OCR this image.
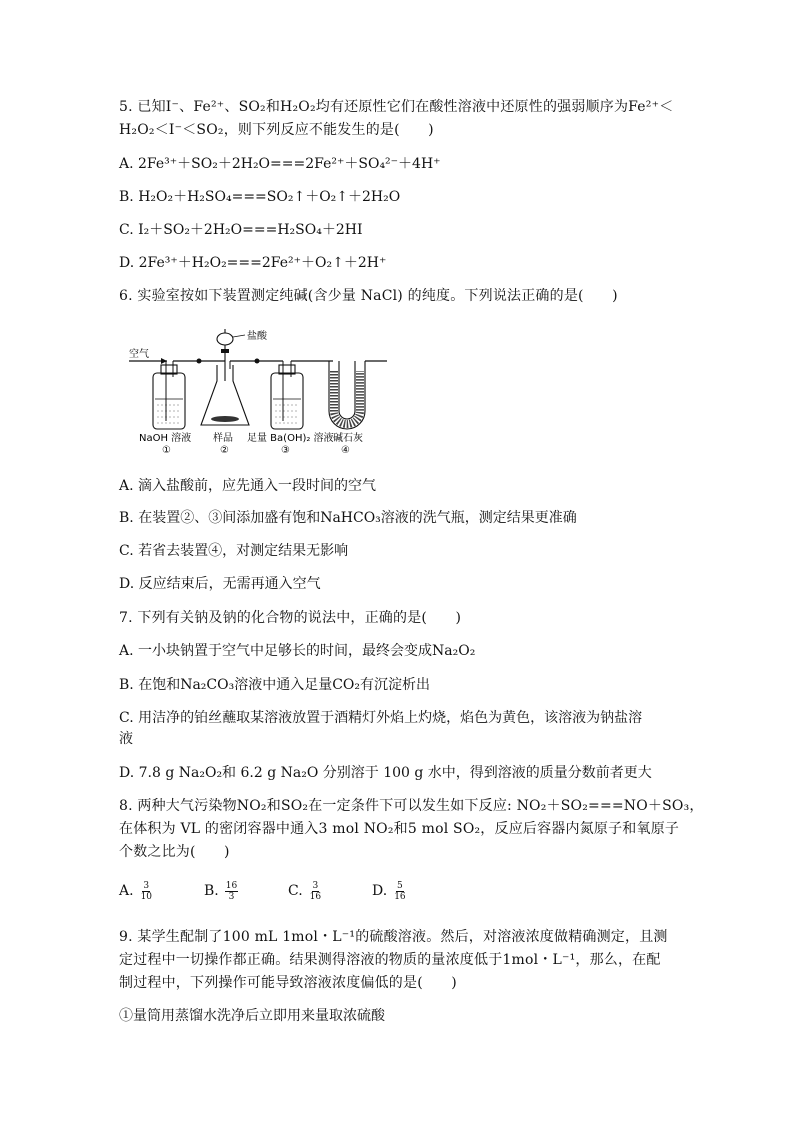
5. 已知I⁻、Fe²⁺、SO₂和H₂O₂均有还原性它们在酸性溶液中还原性的强弱顺序为Fe²⁺＜
H₂O₂＜I⁻＜SO₂，则下列反应不能发生的是(　　)
A. 2Fe³⁺＋SO₂＋2H₂O===2Fe²⁺＋SO₄²⁻＋4H⁺
B. H₂O₂＋H₂SO₄===SO₂↑＋O₂↑＋2H₂O
C. I₂＋SO₂＋2H₂O===H₂SO₄＋2HI
D. 2Fe³⁺＋H₂O₂===2Fe²⁺＋O₂↑＋2H⁺
6. 实验室按如下装置测定纯碱(含少量 NaCl) 的纯度。下列说法正确的是(　　)
空气
盐酸
NaOH 溶液 样品 足量 Ba(OH)₂ 溶液 碱石灰
①	②	③	④
A. 滴入盐酸前，应先通入一段时间的空气
B. 在装置②、③间添加盛有饱和NaHCO₃溶液的洗气瓶，测定结果更准确
C. 若省去装置④，对测定结果无影响
D. 反应结束后，无需再通入空气
7. 下列有关钠及钠的化合物的说法中，正确的是(　　)
A. 一小块钠置于空气中足够长的时间，最终会变成Na₂O₂
B. 在饱和Na₂CO₃溶液中通入足量CO₂有沉淀析出
C. 用洁净的铂丝蘸取某溶液放置于酒精灯外焰上灼烧，焰色为黄色，该溶液为钠盐溶
液
D. 7.8 g Na₂O₂和 6.2 g Na₂O 分别溶于 100 g 水中，得到溶液的质量分数前者更大
8. 两种大气污染物NO₂和SO₂在一定条件下可以发生如下反应: NO₂＋SO₂===NO＋SO₃，
在体积为 VL 的密闭容器中通入3 mol NO₂和5 mol SO₂，反应后容器内氮原子和氧原子
个数之比为(　　)
A. $\frac{3}{10}$	B. $\frac{16}{3}$	C. $\frac{3}{16}$	D. $\frac{5}{16}$
9. 某学生配制了100 mL 1mol・L⁻¹的硫酸溶液。然后，对溶液浓度做精确测定，且测
定过程中一切操作都正确。结果测得溶液的物质的量浓度低于1mol・L⁻¹，那么，在配
制过程中，下列操作可能导致溶液浓度偏低的是(　　)
①量筒用蒸馏水洗净后立即用来量取浓硫酸
